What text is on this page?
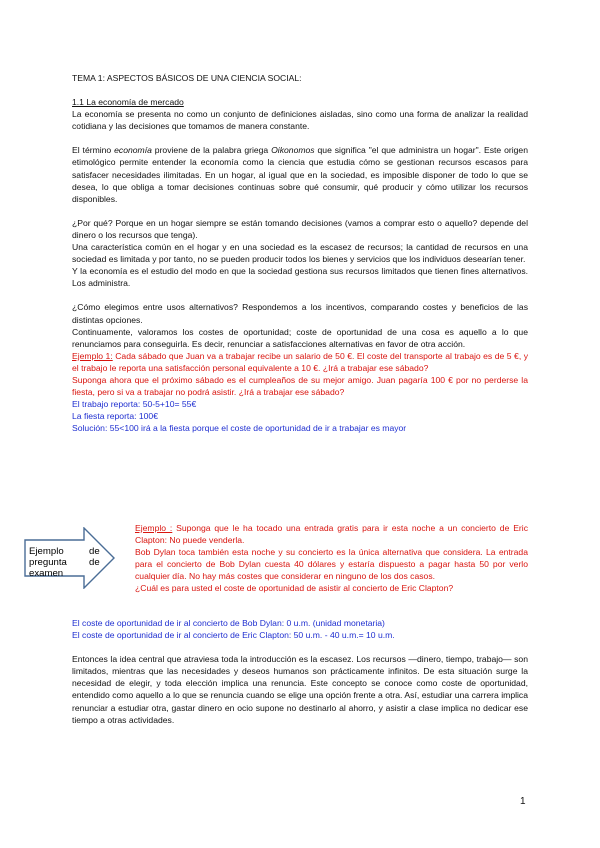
TEMA 1: ASPECTOS BÁSICOS DE UNA CIENCIA SOCIAL:

1.1 La economía de mercado

La economía se presenta no como un conjunto de definiciones aisladas, sino como una forma de analizar la realidad cotidiana y las decisiones que tomamos de manera constante.

El término economía proviene de la palabra griega Oikonomos que significa "el que administra un hogar". Este origen etimológico permite entender la economía como la ciencia que estudia cómo se gestionan recursos escasos para satisfacer necesidades ilimitadas. En un hogar, al igual que en la sociedad, es imposible disponer de todo lo que se desea, lo que obliga a tomar decisiones continuas sobre qué consumir, qué producir y cómo utilizar los recursos disponibles.

¿Por qué? Porque en un hogar siempre se están tomando decisiones (vamos a comprar esto o aquello? depende del dinero o los recursos que tenga).

Una característica común en el hogar y en una sociedad es la escasez de recursos; la cantidad de recursos en una sociedad es limitada y por tanto, no se pueden producir todos los bienes y servicios que los individuos desearían tener.

Y la economía es el estudio del modo en que la sociedad gestiona sus recursos limitados que tienen fines alternativos. Los administra.

¿Cómo elegimos entre usos alternativos? Respondemos a los incentivos, comparando costes y beneficios de las distintas opciones.

Continuamente, valoramos los costes de oportunidad; coste de oportunidad de una cosa es aquello a lo que renunciamos para conseguirla. Es decir, renunciar a satisfacciones alternativas en favor de otra acción.

Ejemplo 1: Cada sábado que Juan va a trabajar recibe un salario de 50 €. El coste del transporte al trabajo es de 5 €, y el trabajo le reporta una satisfacción personal equivalente a 10 €. ¿Irá a trabajar ese sábado?

Suponga ahora que el próximo sábado es el cumpleaños de su mejor amigo. Juan pagaría 100 € por no perderse la fiesta, pero si va a trabajar no podrá asistir. ¿Irá a trabajar ese sábado?

El trabajo reporta: 50-5+10= 55€

La fiesta reporta: 100€

Solución: 55<100 irá a la fiesta porque el coste de oportunidad de ir a trabajar es mayor

Ejemplo	de
pregunta de
examen

Ejemplo : Suponga que le ha tocado una entrada gratis para ir esta noche a un concierto de Eric Clapton: No puede venderla.

Bob Dylan toca también esta noche y su concierto es la única alternativa que considera. La entrada para el concierto de Bob Dylan cuesta 40 dólares y estaría dispuesto a pagar hasta 50 por verlo cualquier día. No hay más costes que considerar en ninguno de los dos casos.

¿Cuál es para usted el coste de oportunidad de asistir al concierto de Eric Clapton?

El coste de oportunidad de ir al concierto de Bob Dylan: 0 u.m. (unidad monetaria)

El coste de oportunidad de ir al concierto de Eric Clapton: 50 u.m. - 40 u.m.= 10 u.m.

Entonces la idea central que atraviesa toda la introducción es la escasez. Los recursos —dinero, tiempo, trabajo— son limitados, mientras que las necesidades y deseos humanos son prácticamente infinitos. De esta situación surge la necesidad de elegir, y toda elección implica una renuncia. Este concepto se conoce como coste de oportunidad, entendido como aquello a lo que se renuncia cuando se elige una opción frente a otra. Así, estudiar una carrera implica renunciar a estudiar otra, gastar dinero en ocio supone no destinarlo al ahorro, y asistir a clase implica no dedicar ese tiempo a otras actividades.

1
